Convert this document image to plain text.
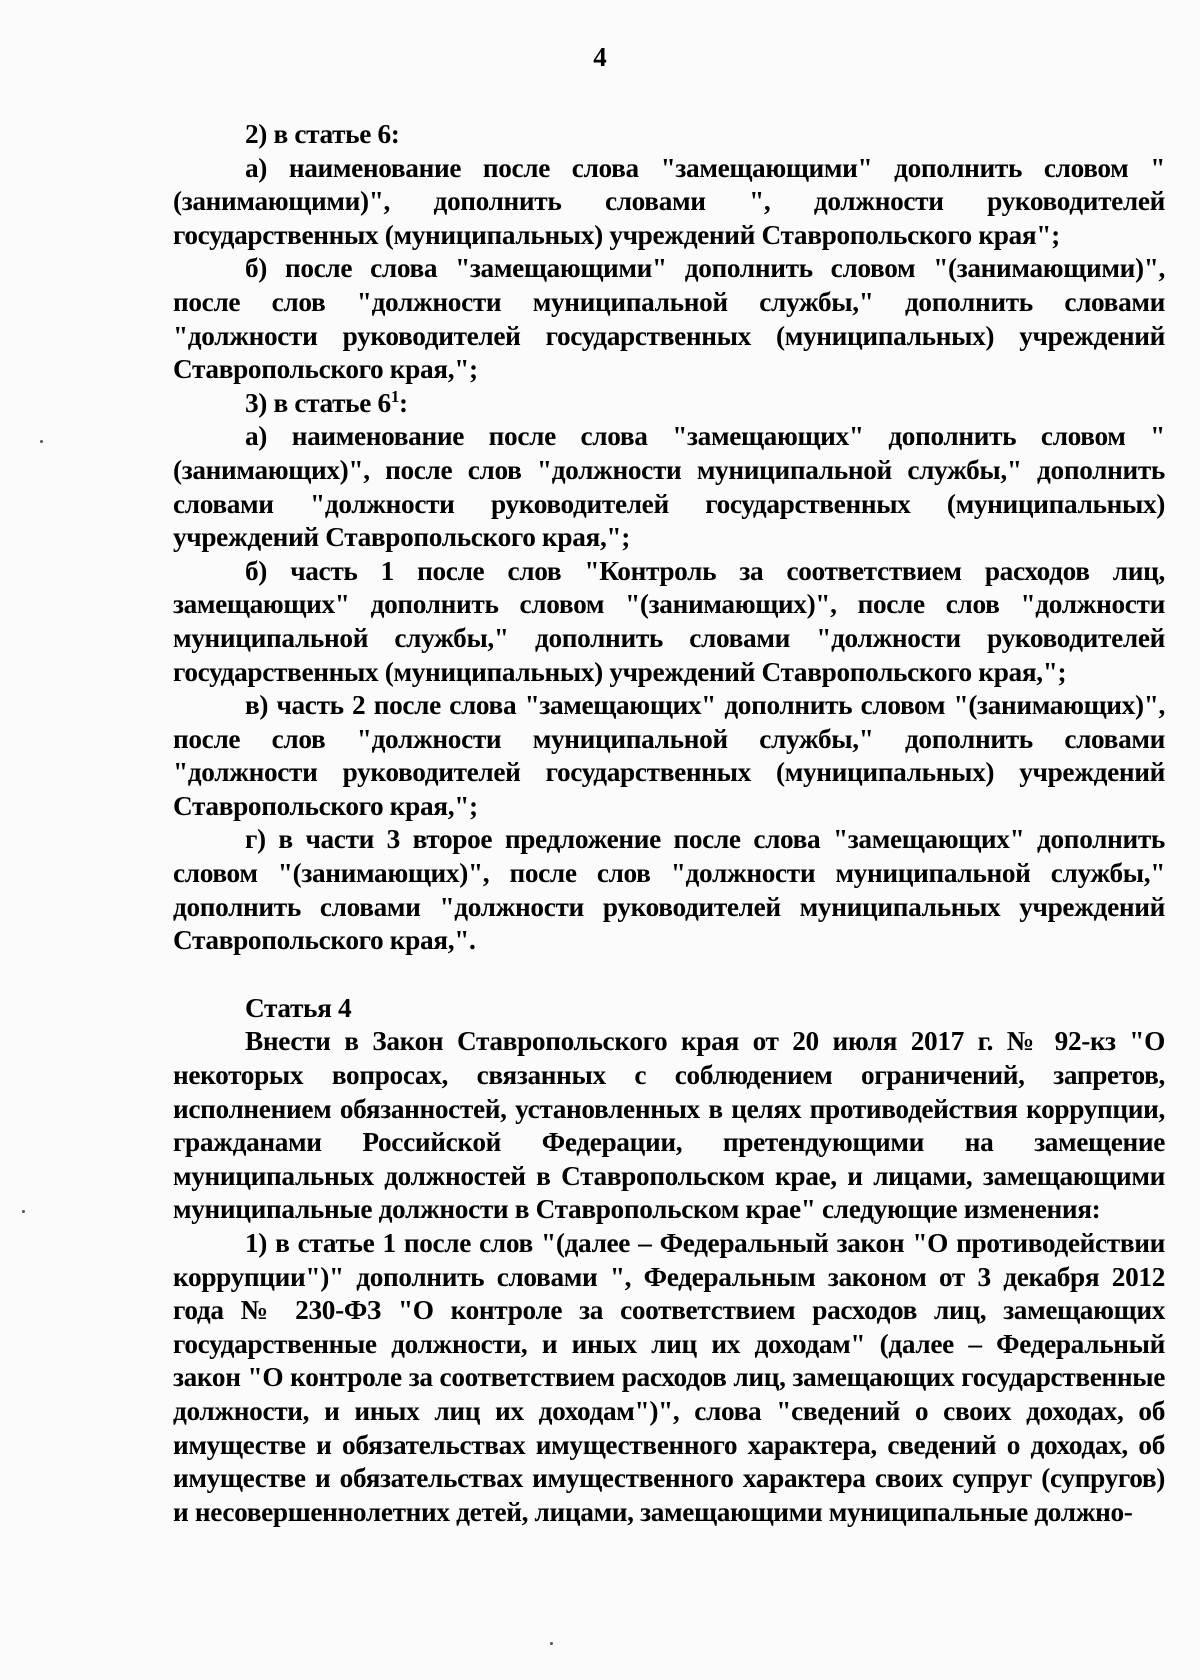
4

2) в статье 6:

а) наименование после слова "замещающими" дополнить словом "(занимающими)", дополнить словами ", должности руководителей государственных (муниципальных) учреждений Ставропольского края";

б) после слова "замещающими" дополнить словом "(занимающими)", после слов "должности муниципальной службы," дополнить словами "должности руководителей государственных (муниципальных) учреждений Ставропольского края,";

3) в статье $6^1$:

а) наименование после слова "замещающих" дополнить словом "(занимающих)", после слов "должности муниципальной службы," дополнить словами "должности руководителей государственных (муниципальных) учреждений Ставропольского края,";

б) часть 1 после слов "Контроль за соответствием расходов лиц, замещающих" дополнить словом "(занимающих)", после слов "должности муниципальной службы," дополнить словами "должности руководителей государственных (муниципальных) учреждений Ставропольского края,";

в) часть 2 после слова "замещающих" дополнить словом "(занимающих)", после слов "должности муниципальной службы," дополнить словами "должности руководителей государственных (муниципальных) учреждений Ставропольского края,";

г) в части 3 второе предложение после слова "замещающих" дополнить словом "(занимающих)", после слов "должности муниципальной службы," дополнить словами "должности руководителей муниципальных учреждений Ставропольского края,".

Статья 4

Внести в Закон Ставропольского края от 20 июля 2017 г. № 92-кз "О некоторых вопросах, связанных с соблюдением ограничений, запретов, исполнением обязанностей, установленных в целях противодействия коррупции, гражданами Российской Федерации, претендующими на замещение муниципальных должностей в Ставропольском крае, и лицами, замещающими муниципальные должности в Ставропольском крае" следующие изменения:

1) в статье 1 после слов "(далее – Федеральный закон "О противодействии коррупции")" дополнить словами ", Федеральным законом от 3 декабря 2012 года № 230-ФЗ "О контроле за соответствием расходов лиц, замещающих государственные должности, и иных лиц их доходам" (далее – Федеральный закон "О контроле за соответствием расходов лиц, замещающих государственные должности, и иных лиц их доходам")", слова "сведений о своих доходах, об имуществе и обязательствах имущественного характера, сведений о доходах, об имуществе и обязательствах имущественного характера своих супруг (супругов) и несовершеннолетних детей, лицами, замещающими муниципальные должно-
